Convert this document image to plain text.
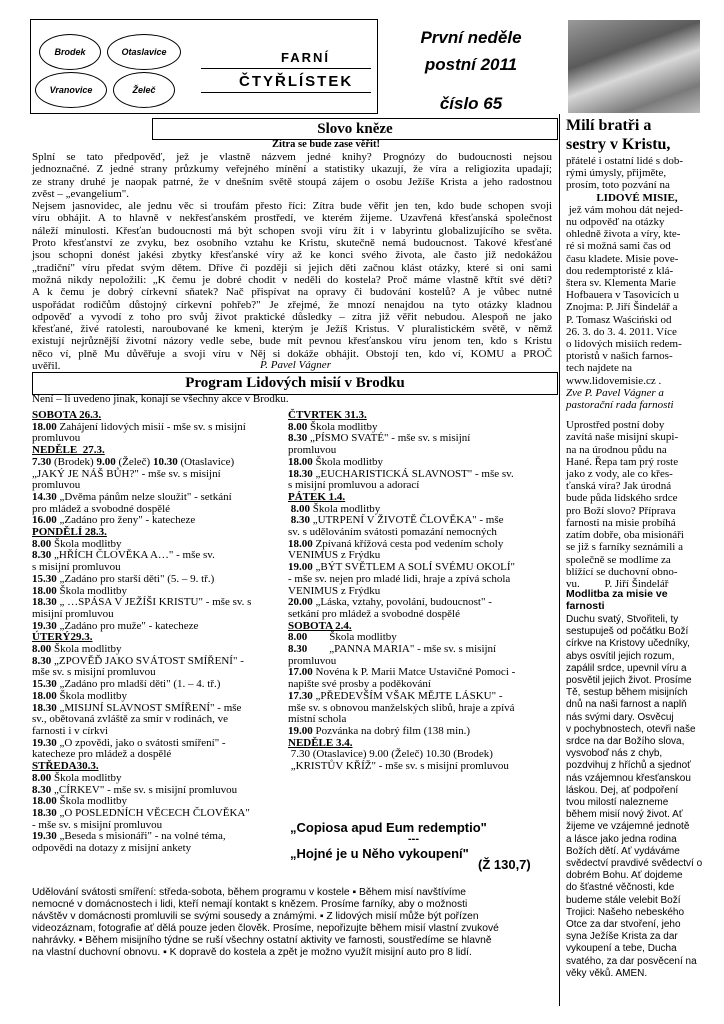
Brodek	Otaslavice
Vranovice	Želeč
FARNÍ
ČTYŘLÍSTEK
První neděle
postní 2011
číslo 65
Slovo kněze
Zítra se bude zase věřit!
Splní se tato předpověď, jež je vlastně názvem jedné knihy? Prognózy do budoucnosti nejsou
jednoznačné. Z jedné strany průzkumy veřejného mínění a statistiky ukazují, že víra a religiozita upadají;
ze strany druhé je naopak patrné, že v dnešním světě stoupá zájem o osobu Ježíše Krista a jeho radostnou
zvěst – „evangelium".
Nejsem jasnovidec, ale jednu věc si troufám přesto říci: Zítra bude věřit jen ten, kdo bude schopen svoji
víru obhájit. A to hlavně v nekřesťanském prostředí, ve kterém žijeme. Uzavřená křesťanská společnost
náleží minulosti. Křesťan budoucnosti má být schopen svoji víru žít i v labyrintu globalizujícího se světa.
Proto křesťanství ze zvyku, bez osobního vztahu ke Kristu, skutečně nemá budoucnost. Takové křesťané
jsou schopni donést jakési zbytky křesťanské víry až ke konci svého života, ale často již nedokážou
„tradiční" víru předat svým dětem. Dříve či později si jejich děti začnou klást otázky, které si oni sami
možná nikdy nepoložili: „K čemu je dobré chodit v neděli do kostela? Proč máme vlastně křtít své děti?
A k čemu je dobrý církevní sňatek? Nač přispívat na opravy či budování kostelů? A je vůbec nutné
uspořádat rodičům důstojný církevní pohřeb?" Je zřejmé, že mnozí nenajdou na tyto otázky kladnou
odpověď a vyvodí z toho pro svůj život praktické důsledky – zítra již věřit nebudou. Alespoň ne jako
křesťané, živé ratolesti, naroubované ke kmeni, kterým je Ježíš Kristus. V pluralistickém světě, v němž
existují nejrůznější životní názory vedle sebe, bude mít pevnou křesťanskou víru jenom ten, kdo s Kristu
něco ví, plně Mu důvěřuje a svoji víru v Něj si dokáže obhájit. Obstojí ten, kdo ví, KOMU a PROČ
uvěřil.	P. Pavel Vágner
Program Lidových misií v Brodku
Není – li uvedeno jinak, konají se všechny akce v Brodku.
SOBOTA 26.3.
18.00 Zahájení lidových misií - mše sv. s misijní
promluvou
NEDĚLE  27.3.
7.30 (Brodek) 9.00 (Želeč) 10.30 (Otaslavice)
„JAKÝ JE NÁŠ BŮH?" - mše sv. s misijní
promluvou
14.30 „Dvěma pánům nelze sloužit" - setkání
pro mládež a svobodné dospělé
16.00 „Zadáno pro ženy" - katecheze
PONDĚLÍ 28.3.
8.00 Škola modlitby
8.30 „HŘÍCH ČLOVĚKA A…" - mše sv.
s misijní promluvou
15.30 „Zadáno pro starší děti" (5. – 9. tř.)
18.00 Škola modlitby
18.30 „ …SPÁSA V JEŽÍŠI KRISTU" - mše sv. s
misijní promluvou
19.30 „Zadáno pro muže" - katecheze
ÚTERÝ29.3.
8.00 Škola modlitby
8.30 „ZPOVĚĎ JAKO SVÁTOST SMÍŘENÍ" -
mše sv. s misijní promluvou
15.30 „Zadáno pro mladší děti" (1. – 4. tř.)
18.00 Škola modlitby
18.30 „MISIJNÍ SLAVNOST SMÍŘENÍ" - mše
sv., obětovaná zvláště za smír v rodinách, ve
farnosti i v církvi
19.30 „O zpovědi, jako o svátosti smíření" -
katecheze pro mládež a dospělé
STŘEDA30.3.
8.00 Škola modlitby
8.30 „CÍRKEV" - mše sv. s misijní promluvou
18.00 Škola modlitby
18.30 „O POSLEDNÍCH VĚCECH ČLOVĚKA"
- mše sv. s misijní promluvou
19.30 „Beseda s misionáři" - na volné téma,
odpovědi na dotazy z misijní ankety
ČTVRTEK 31.3.
8.00 Škola modlitby
8.30 „PÍSMO SVATÉ" - mše sv. s misijní
promluvou
18.00 Škola modlitby
18.30 „EUCHARISTICKÁ SLAVNOST" - mše sv.
s misijní promluvou a adorací
PÁTEK 1.4.
8.00 Škola modlitby
8.30 „UTRPENÍ V ŽIVOTĚ ČLOVĚKA" - mše
sv. s udělováním svátosti pomazání nemocných
18.00 Zpívaná křížová cesta pod vedením scholy
VENIMUS z Frýdku
19.00 „BÝT SVĚTLEM A SOLÍ SVÉMU OKOLÍ"
- mše sv. nejen pro mladé lidi, hraje a zpívá schola
VENIMUS z Frýdku
20.00 „Láska, vztahy, povolání, budoucnost" -
setkání pro mládež a svobodné dospělé
SOBOTA 2.4.
8.00        Škola modlitby
8.30        „PANNA MARIA" - mše sv. s misijní
promluvou
17.00 Novéna k P. Marii Matce Ustavičné Pomoci -
napište své prosby a poděkování
17.30 „PŘEDEVŠÍM VŠAK MĚJTE LÁSKU" -
mše sv. s obnovou manželských slibů, hraje a zpívá
místní schola
19.00 Pozvánka na dobrý film (138 min.)
NEDĚLE 3.4.
7.30 (Otaslavice) 9.00 (Želeč) 10.30 (Brodek)
„KRISTŮV KŘÍŽ" - mše sv. s misijní promluvou
„Copiosa apud Eum redemptio"
---
„Hojné je u Něho vykoupení"
(Ž 130,7)
Udělování svátosti smíření: středa-sobota, během programu v kostele ▪ Během misí navštívíme
nemocné v domácnostech i lidi, kteří nemají kontakt s knězem. Prosíme farníky, aby o možnosti
návštěv v domácnosti promluvili se svými sousedy a známými. ▪ Z lidových misií může být pořízen
videozáznam, fotografie ať dělá pouze jeden člověk. Prosíme, nepořizujte během misií vlastní zvukové
nahrávky. ▪ Během misijního týdne se ruší všechny ostatní aktivity ve farnosti, soustředíme se hlavně
na vlastní duchovní obnovu. ▪ K dopravě do kostela a zpět je možno využít misijní auto pro 8 lidí.
Milí bratři a
sestry v Kristu,
přátelé i ostatní lidé s dob-
rými úmysly, přijměte,
prosím, toto pozvání na
LIDOVÉ MISIE,
jež vám mohou dát nejed-
nu odpověď na otázky
ohledně života a víry, kte-
ré si možná sami čas od
času kladete. Misie pove-
dou redemptoristé z klá-
štera sv. Klementa Marie
Hofbauera v Tasovicích u
Znojma: P. Jiří Šindelář a
P. Tomasz Waściński od
26. 3. do 3. 4. 2011. Více
o lidových misiích redem-
ptoristů v našich farnos-
tech najdete na
www.lidovemisie.cz .
Zve P. Pavel Vágner a
pastorační rada farnosti
Uprostřed postní doby
zavítá naše misijní skupi-
na na úrodnou půdu na
Hané. Řepa tam prý roste
jako z vody, ale co křes-
ťanská víra? Jak úrodná
bude půda lidského srdce
pro Boží slovo? Příprava
farnosti na misie probíhá
zatím dobře, oba misionáři
se již s farníky seznámili a
společně se modlíme za
blížící se duchovní obno-
vu.         P. Jiří Šindelář
Modlitba za misie ve
farnosti
Duchu svatý, Stvořiteli, ty
sestupuješ od počátku Boží
církve na Kristovy učedníky,
abys osvítil jejich rozum,
zapálil srdce, upevnil víru a
posvětil jejich život. Prosíme
Tě, sestup během misijních
dnů na naši farnost a naplň
nás svými dary. Osvěcuj
v pochybnostech, otevři naše
srdce na dar Božího slova,
vysvoboď nás z chyb,
pozdvihuj z hříchů a sjednoť
nás vzájemnou křesťanskou
láskou. Dej, ať podpoření
tvou milostí nalezneme
během misií nový život. Ať
žijeme ve vzájemné jednotě
a lásce jako jedna rodina
Božích dětí. Ať vydáváme
svědectví pravdivé svědectví o
dobrém Bohu. Ať dojdeme
do šťastné věčnosti, kde
budeme stále velebit Boží
Trojici: Našeho nebeského
Otce za dar stvoření, jeho
syna Ježíše Krista za dar
vykoupení a tebe, Ducha
svatého, za dar posvěcení na
věky věků. AMEN.
